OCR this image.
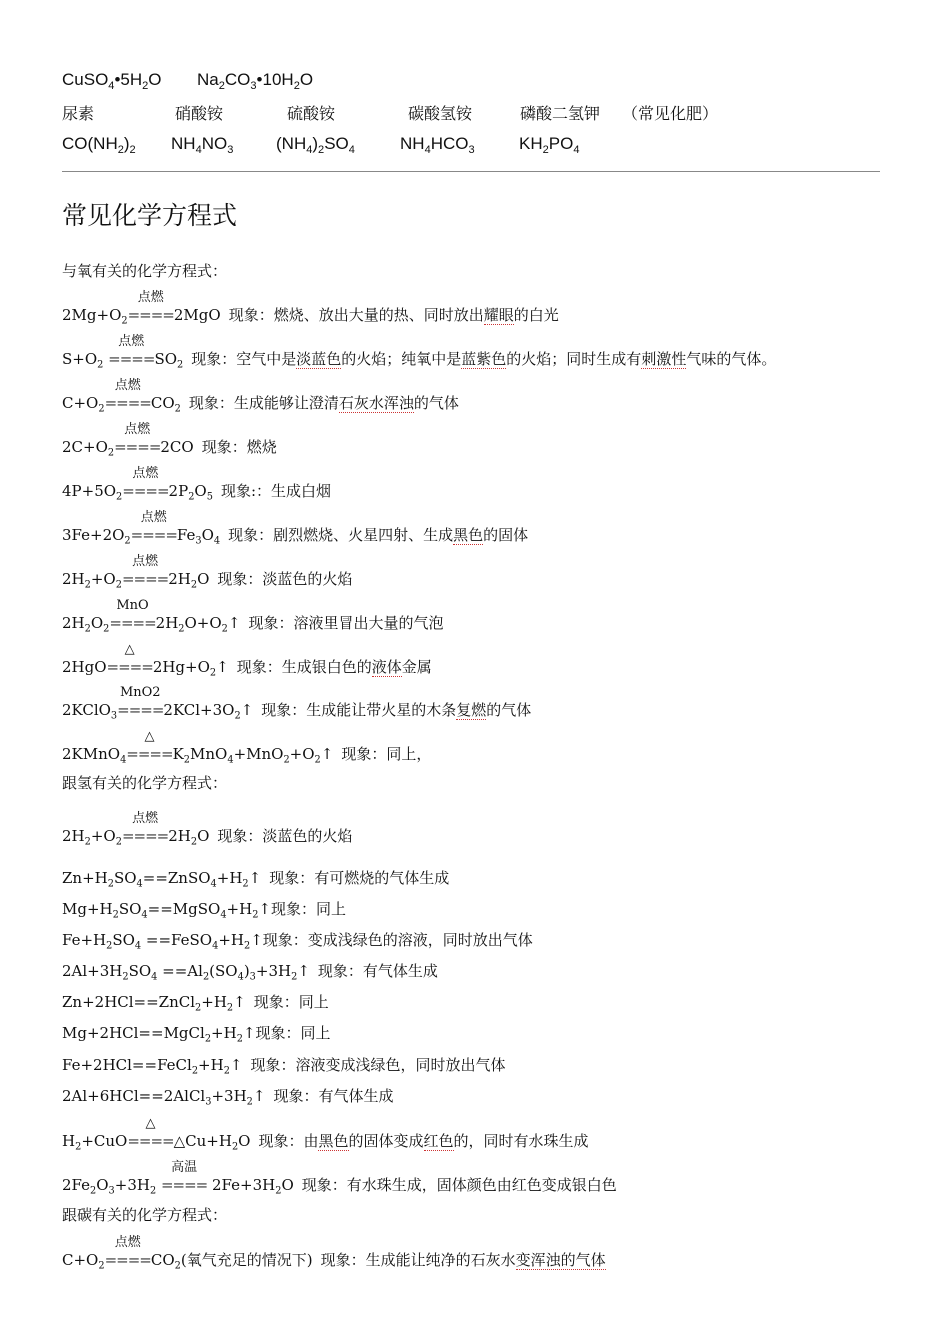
$CuSO_4•5H_2O$ $Na_2CO_3•10H_2O$
尿素	硝酸铵	硫酸铵	碳酸氢铵	磷酸二氢钾 （常见化肥）
$CO(NH_2)_2$ $NH_4NO_3$	$(NH_4)_2SO_4$	$NH_4HCO_3$	$KH_2PO_4$
常见化学方程式
与氧有关的化学方程式：
$2Mg+O_2$
点燃
====2MgO 现象：燃烧、放出大量的热、同时放出耀眼的白光
$S+O_2$
点燃
$====SO_2$ 现象：空气中是淡蓝色的火焰；纯氧中是蓝紫色的火焰；同时生成有刺激性气味的气体。
$C+O_2$
点燃
$====CO_2$ 现象：生成能够让澄清石灰水浑浊的气体
$2C+O_2$
点燃
====2CO 现象：燃烧
$4P+5O_2$
点燃
$====2P_2O_5$ 现象:：生成白烟
$3Fe+2O_2$
点燃
$====Fe_3O_4$ 现象：剧烈燃烧、火星四射、生成黑色的固体
$2H_2+O_2$
点燃
$====2H_2O$ 现象：淡蓝色的火焰
$2H_2O_2$
MnO
$====2H_2O+O_2↑$ 现象：溶液里冒出大量的气泡
2HgO
△
$====2Hg+O_2↑$ 现象：生成银白色的液体金属
2KClO$_3$
MnO2
$====2KCl+3O_2↑$ 现象：生成能让带火星的木条复燃的气体
2KMnO$_4$
△
$====K_2MnO_4+MnO_2+O_2↑$ 现象：同上，
跟氢有关的化学方程式：
$2H_2+O_2$
点燃
$====2H_2O$ 现象：淡蓝色的火焰
$Zn+H_2SO_4==ZnSO_4+H_2↑$ 现象：有可燃烧的气体生成
$Mg+H_2SO_4==MgSO_4+H_2↑$现象：同上
$Fe+H_2SO_4$ $==FeSO_4+H_2↑$现象：变成浅绿色的溶液，同时放出气体
$2Al+3H_2SO_4$ $==Al_2(SO_4)_3+3H_2↑$ 现象：有气体生成
$Zn+2HCl==ZnCl_2+H_2↑$ 现象：同上
$Mg+2HCl==MgCl_2+H_2↑$现象：同上
$Fe+2HCl==FeCl_2+H_2↑$ 现象：溶液变成浅绿色，同时放出气体
$2Al+6HCl==2AlCl_3+3H_2↑$ 现象：有气体生成
$H_2+CuO$
△
$====\triangle Cu+H_2O$ 现象：由黑色的固体变成红色的，同时有水珠生成
$2Fe_2O_3+3H_2$
高温
==== $2Fe+3H_2O$ 现象：有水珠生成，固体颜色由红色变成银白色
跟碳有关的化学方程式：
$C+O_2$
点燃
$====CO_2$(氧气充足的情况下) 现象：生成能让纯净的石灰水变浑浊的气体
